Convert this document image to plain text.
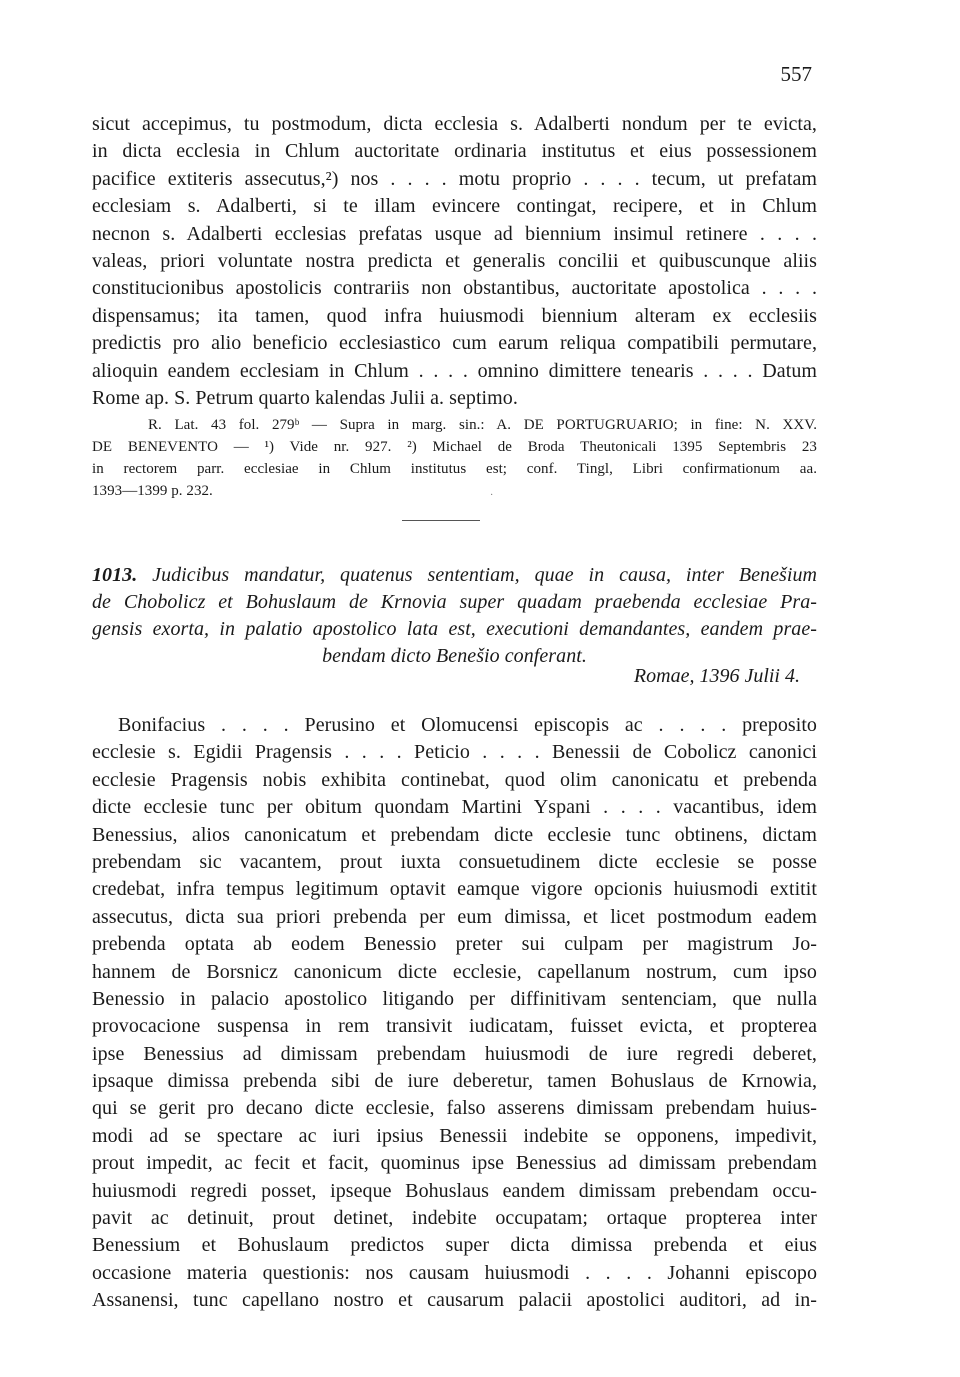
557
sicut accepimus, tu postmodum, dicta ecclesia s. Adalberti nondum per te evicta,
in dicta ecclesia in Chlum auctoritate ordinaria institutus et eius possessionem
pacifice extiteris assecutus,²) nos . . . . motu proprio . . . . tecum, ut prefatam
ecclesiam s. Adalberti, si te illam evincere contingat, recipere, et in Chlum
necnon s. Adalberti ecclesias prefatas usque ad biennium insimul retinere . . . .
valeas, priori voluntate nostra predicta et generalis concilii et quibuscunque aliis
constitucionibus apostolicis contrariis non obstantibus, auctoritate apostolica . . . .
dispensamus; ita tamen, quod infra huiusmodi biennium alteram ex ecclesiis
predictis pro alio beneficio ecclesiastico cum earum reliqua compatibili permutare,
alioquin eandem ecclesiam in Chlum . . . . omnino dimittere tenearis . . . . Datum
Rome ap. S. Petrum quarto kalendas Julii a. septimo.
R. Lat. 43 fol. 279ᵇ — Supra in marg. sin.: A. DE PORTUGRUARIO; in fine: N. XXV.
DE BENEVENTO — ¹) Vide nr. 927. ²) Michael de Broda Theutonicali 1395 Septembris 23
in rectorem parr. ecclesiae in Chlum institutus est; conf. Tingl, Libri confirmationum aa.
1393—1399 p. 232.	·
1013. Judicibus mandatur, quatenus sententiam, quae in causa, inter Benešium
de Chobolicz et Bohuslaum de Krnovia super quadam praebenda ecclesiae Pra-
gensis exorta, in palatio apostolico lata est, executioni demandantes, eandem prae-
bendam dicto Benešio conferant.
Romae, 1396 Julii 4.
Bonifacius . . . . Perusino et Olomucensi episcopis ac . . . . preposito
ecclesie s. Egidii Pragensis . . . . Peticio . . . . Benessii de Cobolicz canonici
ecclesie Pragensis nobis exhibita continebat, quod olim canonicatu et prebenda
dicte ecclesie tunc per obitum quondam Martini Yspani . . . . vacantibus, idem
Benessius, alios canonicatum et prebendam dicte ecclesie tunc obtinens, dictam
prebendam sic vacantem, prout iuxta consuetudinem dicte ecclesie se posse
credebat, infra tempus legitimum optavit eamque vigore opcionis huiusmodi extitit
assecutus, dicta sua priori prebenda per eum dimissa, et licet postmodum eadem
prebenda optata ab eodem Benessio preter sui culpam per magistrum Jo-
hannem de Borsnicz canonicum dicte ecclesie, capellanum nostrum, cum ipso
Benessio in palacio apostolico litigando per diffinitivam sentenciam, que nulla
provocacione suspensa in rem transivit iudicatam, fuisset evicta, et propterea
ipse Benessius ad dimissam prebendam huiusmodi de iure regredi deberet,
ipsaque dimissa prebenda sibi de iure deberetur, tamen Bohuslaus de Krnowia,
qui se gerit pro decano dicte ecclesie, falso asserens dimissam prebendam huius-
modi ad se spectare ac iuri ipsius Benessii indebite se opponens, impedivit,
prout impedit, ac fecit et facit, quominus ipse Benessius ad dimissam prebendam
huiusmodi regredi posset, ipseque Bohuslaus eandem dimissam prebendam occu-
pavit ac detinuit, prout detinet, indebite occupatam; ortaque propterea inter
Benessium et Bohuslaum predictos super dicta dimissa prebenda et eius
occasione materia questionis: nos causam huiusmodi . . . . Johanni episcopo
Assanensi, tunc capellano nostro et causarum palacii apostolici auditori, ad in-
